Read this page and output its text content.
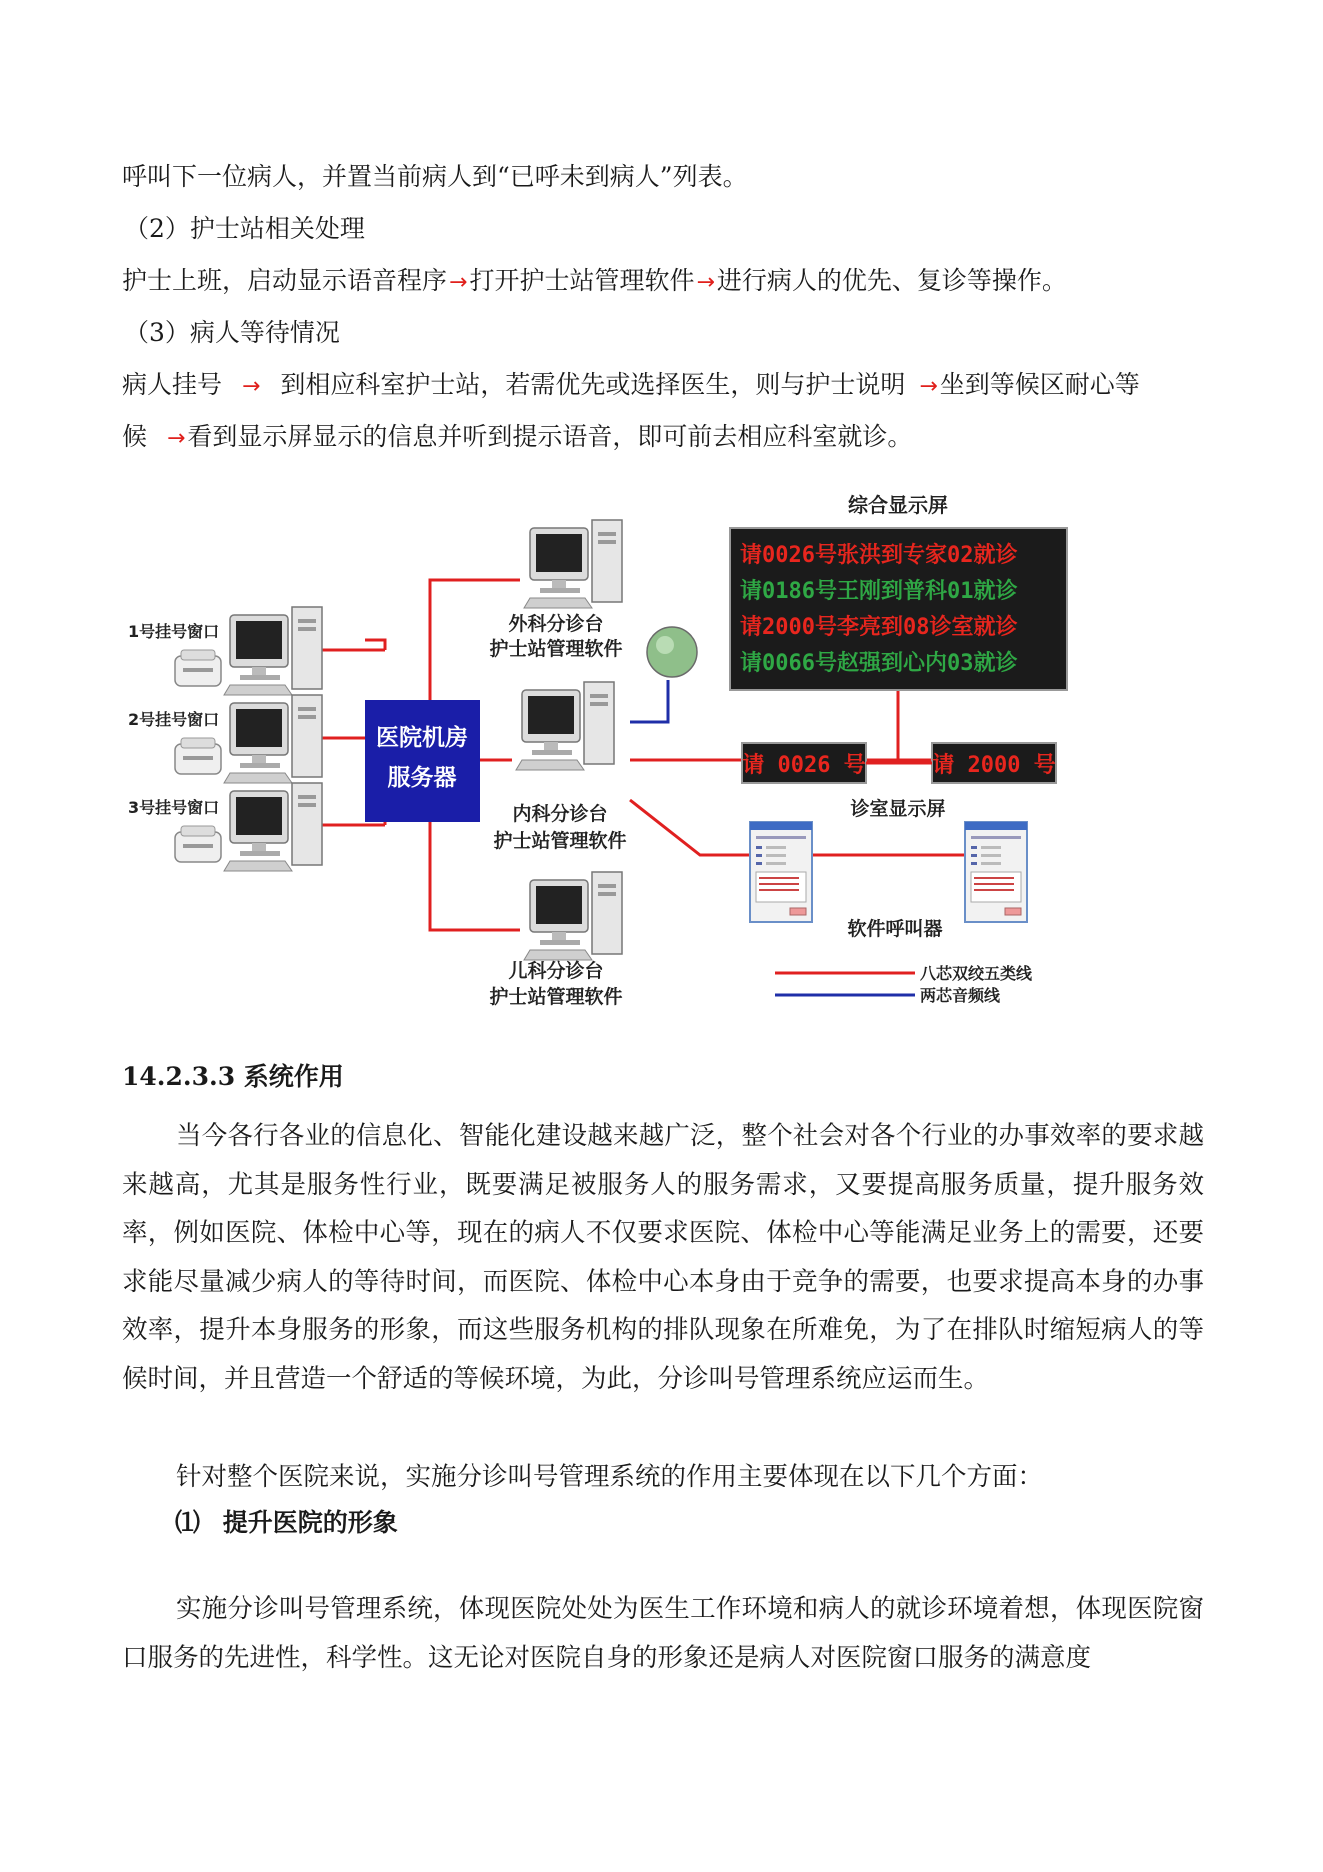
呼叫下一位病人，并置当前病人到“已呼未到病人”列表。
（2）护士站相关处理
护士上班，启动显示语音程序→打开护士站管理软件→进行病人的优先、复诊等操作。
（3）病人等待情况
病人挂号 → 到相应科室护士站，若需优先或选择医生，则与护士说明 →坐到等候区耐心等
候 →看到显示屏显示的信息并听到提示语音，即可前去相应科室就诊。
1号挂号窗口
2号挂号窗口
3号挂号窗口
医院机房
服务器
外科分诊台
护士站管理软件
内科分诊台
护士站管理软件
儿科分诊台
护士站管理软件
综合显示屏
请0026号张洪到专家02就诊
请0186号王刚到普科01就诊
请2000号李亮到08诊室就诊
请0066号赵强到心内03就诊
请 0026 号	请 2000 号
诊室显示屏
软件呼叫器
八芯双绞五类线
两芯音频线
14.2.3.3 系统作用
当今各行各业的信息化、智能化建设越来越广泛，整个社会对各个行业的办事效率的要求越来越高，尤其是服务性行业，既要满足被服务人的服务需求，又要提高服务质量，提升服务效率，例如医院、体检中心等，现在的病人不仅要求医院、体检中心等能满足业务上的需要，还要求能尽量减少病人的等待时间，而医院、体检中心本身由于竞争的需要，也要求提高本身的办事效率，提升本身服务的形象，而这些服务机构的排队现象在所难免，为了在排队时缩短病人的等候时间，并且营造一个舒适的等候环境，为此，分诊叫号管理系统应运而生。
针对整个医院来说，实施分诊叫号管理系统的作用主要体现在以下几个方面：
⑴ 提升医院的形象
实施分诊叫号管理系统，体现医院处处为医生工作环境和病人的就诊环境着想，体现医院窗口服务的先进性，科学性。这无论对医院自身的形象还是病人对医院窗口服务的满意度
